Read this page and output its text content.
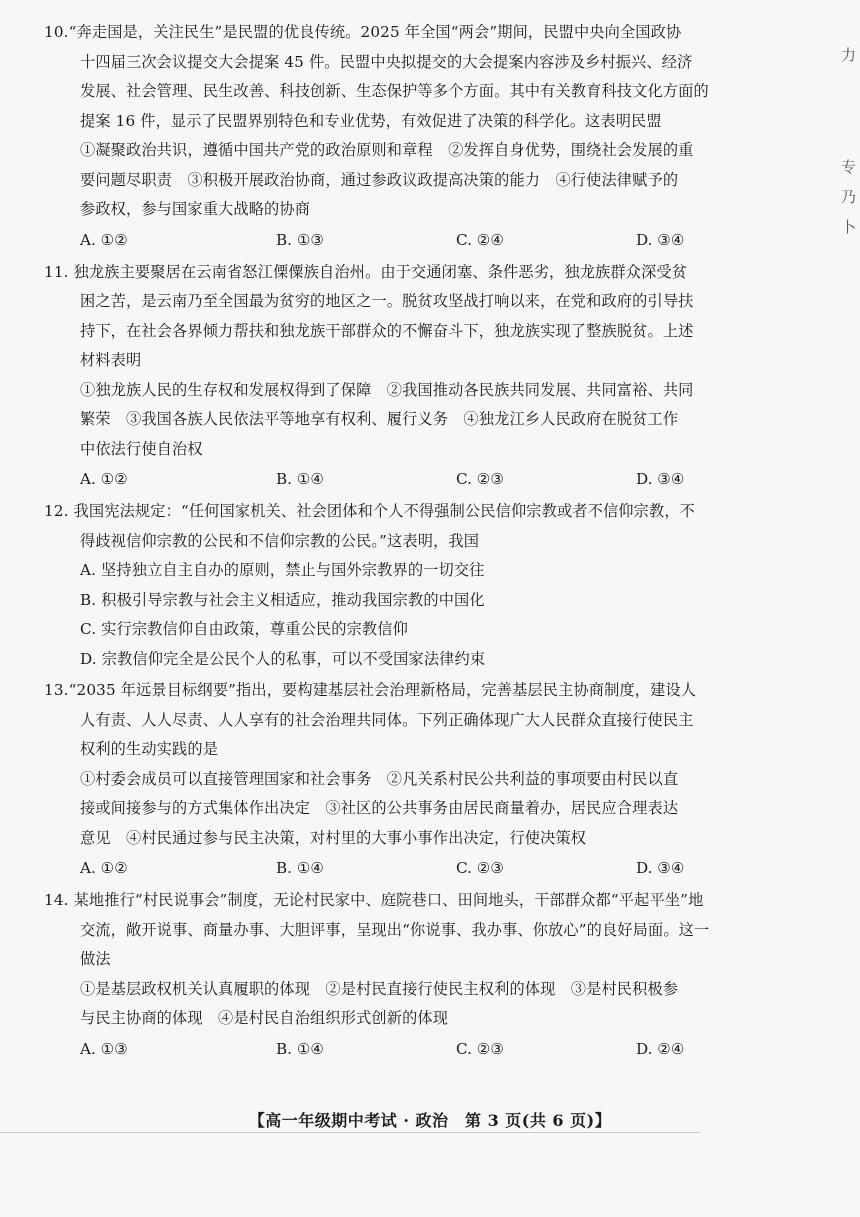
10.“奔走国是，关注民生”是民盟的优良传统。2025 年全国“两会”期间，民盟中央向全国政协
十四届三次会议提交大会提案 45 件。民盟中央拟提交的大会提案内容涉及乡村振兴、经济
发展、社会管理、民生改善、科技创新、生态保护等多个方面。其中有关教育科技文化方面的
提案 16 件，显示了民盟界别特色和专业优势，有效促进了决策的科学化。这表明民盟
①凝聚政治共识，遵循中国共产党的政治原则和章程　②发挥自身优势，围绕社会发展的重
要问题尽职责　③积极开展政治协商，通过参政议政提高决策的能力　④行使法律赋予的
参政权，参与国家重大战略的协商
A. ①②	B. ①③	C. ②④	D. ③④
11. 独龙族主要聚居在云南省怒江傈僳族自治州。由于交通闭塞、条件恶劣，独龙族群众深受贫
困之苦，是云南乃至全国最为贫穷的地区之一。脱贫攻坚战打响以来，在党和政府的引导扶
持下，在社会各界倾力帮扶和独龙族干部群众的不懈奋斗下，独龙族实现了整族脱贫。上述
材料表明
①独龙族人民的生存权和发展权得到了保障　②我国推动各民族共同发展、共同富裕、共同
繁荣　③我国各族人民依法平等地享有权利、履行义务　④独龙江乡人民政府在脱贫工作
中依法行使自治权
A. ①②	B. ①④	C. ②③	D. ③④
12. 我国宪法规定：“任何国家机关、社会团体和个人不得强制公民信仰宗教或者不信仰宗教，不
得歧视信仰宗教的公民和不信仰宗教的公民。”这表明，我国
A. 坚持独立自主自办的原则，禁止与国外宗教界的一切交往
B. 积极引导宗教与社会主义相适应，推动我国宗教的中国化
C. 实行宗教信仰自由政策，尊重公民的宗教信仰
D. 宗教信仰完全是公民个人的私事，可以不受国家法律约束
13.“2035 年远景目标纲要”指出，要构建基层社会治理新格局，完善基层民主协商制度，建设人
人有责、人人尽责、人人享有的社会治理共同体。下列正确体现广大人民群众直接行使民主
权利的生动实践的是
①村委会成员可以直接管理国家和社会事务　②凡关系村民公共利益的事项要由村民以直
接或间接参与的方式集体作出决定　③社区的公共事务由居民商量着办，居民应合理表达
意见　④村民通过参与民主决策，对村里的大事小事作出决定，行使决策权
A. ①②	B. ①④	C. ②③	D. ③④
14. 某地推行“村民说事会”制度，无论村民家中、庭院巷口、田间地头，干部群众都“平起平坐”地
交流，敞开说事、商量办事、大胆评事，呈现出“你说事、我办事、你放心”的良好局面。这一
做法
①是基层政权机关认真履职的体现　②是村民直接行使民主权利的体现　③是村民积极参
与民主协商的体现　④是村民自治组织形式创新的体现
A. ①③	B. ①④	C. ②③	D. ②④
【高一年级期中考试 · 政治　第 3 页(共 6 页)】
力
专
乃
卜
